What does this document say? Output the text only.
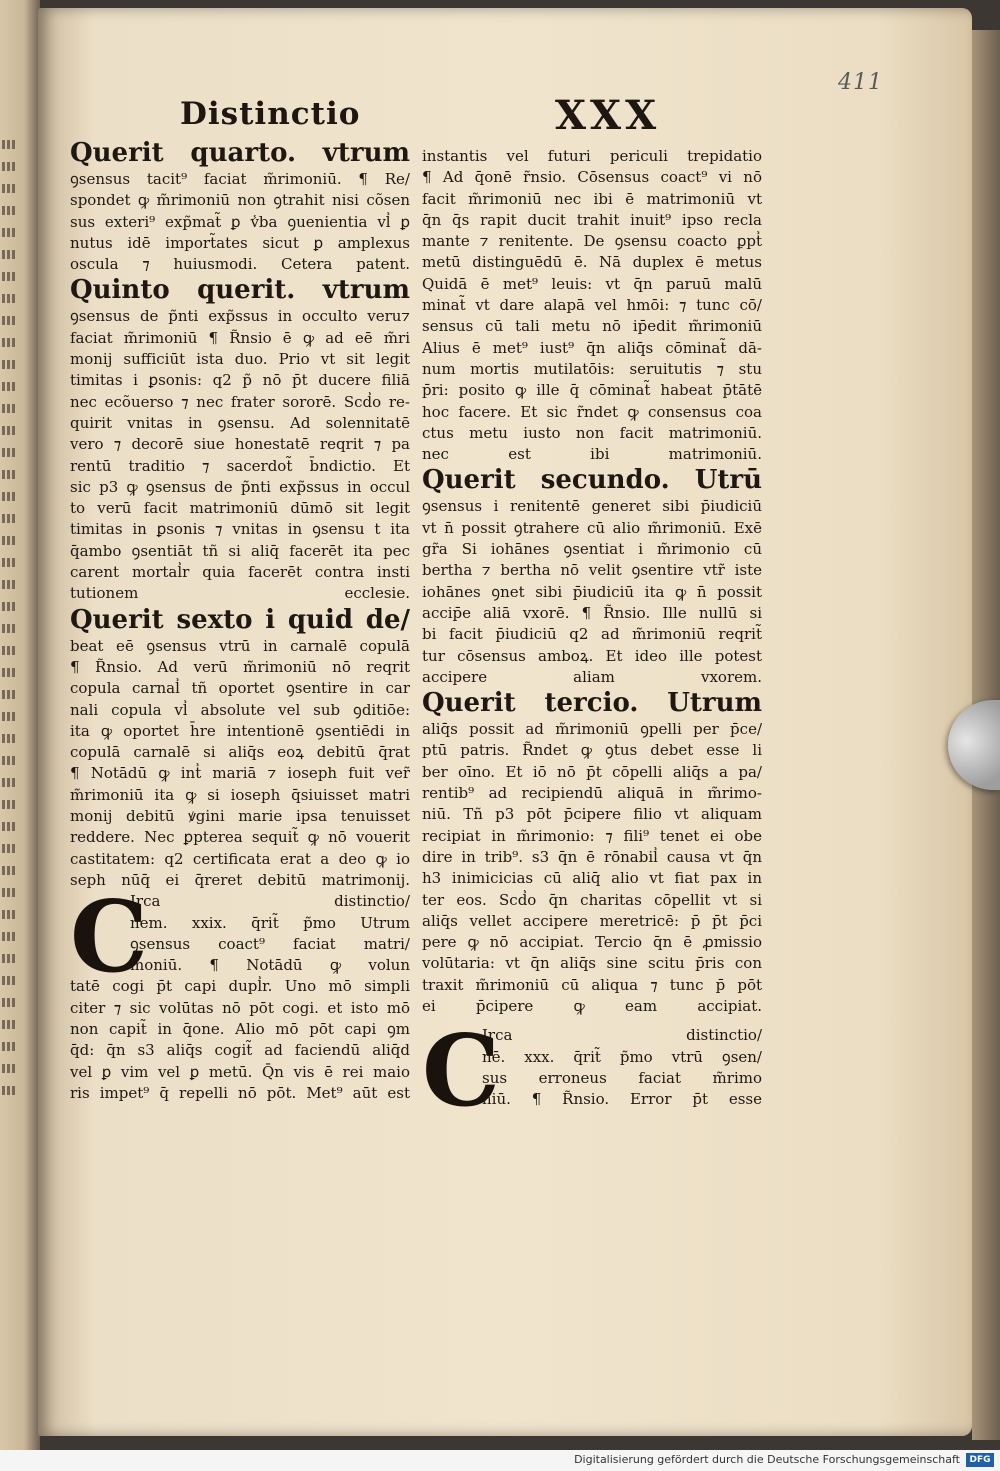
411
Distinctio	XXX
Querit quarto. vtrum
ꝯsensus tacit⁹ faciat m̃rimoniū. ¶ Re/
spondet ꝙ m̃rimoniū non ꝯtrahit nisi cõsen
sus exteri⁹ exp̃mat̃ ꝑ v̾ba ꝯuenientia vl̾ ꝑ
nutus idē import̃ates sicut ꝑ amplexus
oscula ⁊ huiusmodi. Cetera patent.
Quinto querit. vtrum
ꝯsensus de p̃nti exp̃ssus in occulto veru⁊
faciat m̃rimoniū ¶ R̃nsio ē ꝙ ad eē m̃ri
monij sufficiūt ista duo. Prio vt sit legit
timitas i ꝑsonis: q2 p̃ nō p̄t ducere filiā
nec ecõuerso ⁊ nec frater sororē. Scd̾o re-
quirit vnitas in ꝯsensu. Ad solennitatē
vero ⁊ decorē siue honestatē reqrit ⁊ pa
rentū traditio ⁊ sacerdot̃ b̄ndictio. Et
sic p3 ꝙ ꝯsensus de p̃nti exp̃ssus in occul
to verū facit matrimoniū dūmō sit legit
timitas in ꝑsonis ⁊ vnitas in ꝯsensu t ita
q̄ambo ꝯsentiāt tñ si aliq̄ facerēt ita pec
carent mortal̾r quia facerēt contra insti
tutionem ecclesie.
Querit sexto i quid de/
beat eē ꝯsensus vtrū in carnalē copulā
¶ R̃nsio. Ad verū m̃rimoniū nō reqrit
copula carnal̾ tñ oportet ꝯsentire in car
nali copula vl̾ absolute vel sub ꝯditiōe:
ita ꝙ oportet h̄re intentionē ꝯsentiēdi in
copulā carnalē si aliq̄s eoꝝ debitū q̄rat
¶ Notādū ꝙ int̾ mariā ⁊ ioseph fuit ver̃
m̃rimoniū ita ꝙ si ioseph q̄siuisset matri
monij debitū ꝟgini marie ipsa tenuisset
reddere. Nec ꝑpterea sequit̃ ꝙ nō vouerit
castitatem: q2 certificata erat a deo ꝙ io
seph nūq̄ ei q̄reret debitū matrimonij.
C
Irca distinctio/
nem. xxix. q̄rit̃ p̃mo Utrum
ꝯsensus coact⁹ faciat matri/
moniū. ¶ Notādū ꝙ volun
tatē cogi p̄t capi dupl̾r. Uno mō simpli
citer ⁊ sic volūtas nō pōt cogi. et isto mō
non capit̃ in q̄one. Alio mō pōt capi ꝯm
q̄d: q̄n s3 aliq̄s cogit̃ ad faciendū aliq̄d
vel ꝑ vim vel ꝑ metū. Q̄n vis ē rei maio
ris impet⁹ q̄ repelli nō pōt. Met⁹ aūt est
instantis vel futuri periculi trepidatio
¶ Ad q̄onē r̃nsio. Cōsensus coact⁹ vi nō
facit m̃rimoniū nec ibi ē matrimoniū vt
q̄n q̄s rapit ducit trahit inuit⁹ ipso recla
mante ⁊ renitente. De ꝯsensu coacto ꝑpt̾
metū distinguēdū ē. Nā duplex ē metus
Quidā ē met⁹ leuis: vt q̄n paruū malū
minat̃ vt dare alapā vel hmōi: ⁊ tunc cō/
sensus cū tali metu nō ip̄edit m̃rimoniū
Alius ē met⁹ iust⁹ q̄n aliq̄s cōminat̃ dā-
num mortis mutilatōis: seruitutis ⁊ stu
p̄ri: posito ꝙ ille q̄ cōminat̃ habeat p̄tātē
hoc facere. Et sic r̃ndet ꝙ consensus coa
ctus metu iusto non facit matrimoniū.
nec est ibi matrimoniū.
Querit secundo. Utrū
ꝯsensus i renitentē generet sibi p̄iudiciū
vt n̄ possit ꝯtrahere cū alio m̃rimoniū. Exē
gr̃a Si iohānes ꝯsentiat i m̃rimonio cū
bertha ⁊ bertha nō velit ꝯsentire vtr̃ iste
iohānes ꝯnet sibi p̄iudiciū ita ꝙ n̄ possit
accip̄e aliā vxorē. ¶ R̃nsio. Ille nullū si
bi facit p̄iudiciū q2 ad m̃rimoniū reqrit̃
tur cōsensus amboꝝ. Et ideo ille potest
accipere aliam vxorem.
Querit tercio. Utrum
aliq̄s possit ad m̃rimoniū ꝯpelli per p̄ce/
ptū patris. R̃ndet ꝙ ꝯtus debet esse li
ber oīno. Et iō nō p̄t cōpelli aliq̄s a pa/
rentib⁹ ad recipiendū aliquā in m̃rimo-
niū. Tñ p3 pōt p̄cipere filio vt aliquam
recipiat in m̃rimonio: ⁊ fili⁹ tenet ei obe
dire in trib⁹. s3 q̄n ē rōnabil̾ causa vt q̄n
h3 inimicicias cū aliq̄ alio vt fiat pax in
ter eos. Scd̾o q̄n charitas cōpellit vt si
aliq̄s vellet accipere meretricē: p̄ p̄t p̄ci
pere ꝙ nō accipiat. Tercio q̄n ē ꝓmissio
volūtaria: vt q̄n aliq̄s sine scitu p̄ris con
traxit m̃rimoniū cū aliqua ⁊ tunc p̄ pōt
ei p̄cipere ꝙ eam accipiat.
C
Irca distinctio/
nē. xxx. q̄rit̃ p̃mo vtrū ꝯsen/
sus erroneus faciat m̃rimo
niū. ¶ R̃nsio. Error p̄t esse
Digitalisierung gefördert durch die Deutsche Forschungsgemeinschaft	DFG
